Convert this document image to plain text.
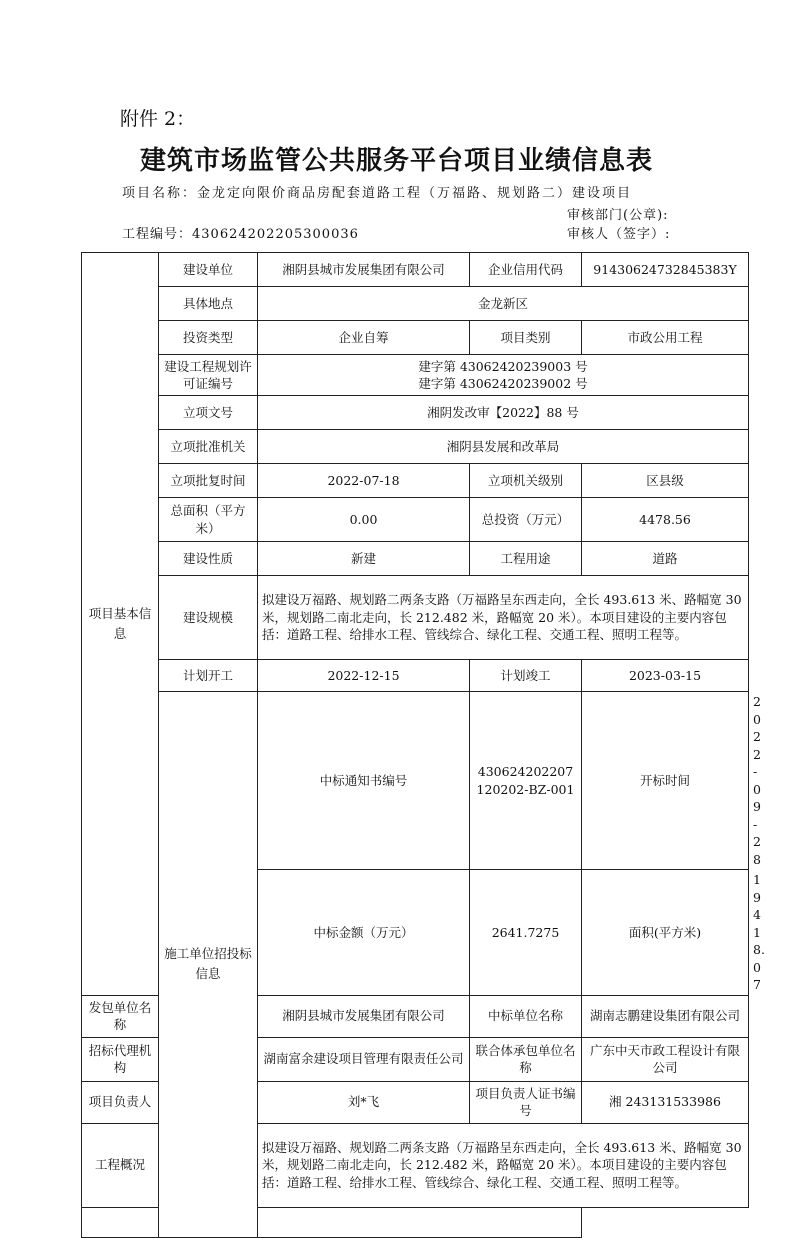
附件 2：
建筑市场监管公共服务平台项目业绩信息表
项目名称：金龙定向限价商品房配套道路工程（万福路、规划路二）建设项目
审核部门(公章):
工程编号：430624202205300036	审核人（签字）:
项目基本信息	建设单位	湘阴县城市发展集团有限公司	企业信用代码	91430624732845383Y	
	具体地点	金龙新区			
	投资类型	企业自筹	项目类别	市政公用工程	
	建设工程规划许可证编号	建字第 43062420239003 号
建字第 43062420239002 号			

	立项文号	湘阴发改审【2022】88 号			
	立项批准机关	湘阴县发展和改革局			
	立项批复时间	2022-07-18	立项机关级别	区县级	
	总面积（平方米）	0.00	总投资（万元）	4478.56	
	建设性质	新建	工程用途	道路	
	建设规模	拟建设万福路、规划路二两条支路（万福路呈东西走向，全长 493.613 米、路幅宽 30 米，规划路二南北走向，长 212.482 米，路幅宽 20 米）。本项目建设的主要内容包括：道路工程、给排水工程、管线综合、绿化工程、交通工程、照明工程等。			
	计划开工	2022-12-15	计划竣工	2023-03-15	
	施工单位招投标信息	中标通知书编号	430624202207120202-BZ-001	开标时间	2022-09-28
		中标金额（万元）	2641.7275	面积(平方米)	19418.07
发包单位名称		湘阴县城市发展集团有限公司	中标单位名称	湖南志鹏建设集团有限公司	
招标代理机构		湖南富余建设项目管理有限责任公司	联合体承包单位名称	广东中天市政工程设计有限公司	
项目负责人		刘*飞	项目负责人证书编号	湘 243131533986	
工程概况		拟建设万福路、规划路二两条支路（万福路呈东西走向，全长 493.613 米、路幅宽 30 米，规划路二南北走向，长 212.482 米，路幅宽 20 米）。本项目建设的主要内容包括：道路工程、给排水工程、管线综合、绿化工程、交通工程、照明工程等。			
